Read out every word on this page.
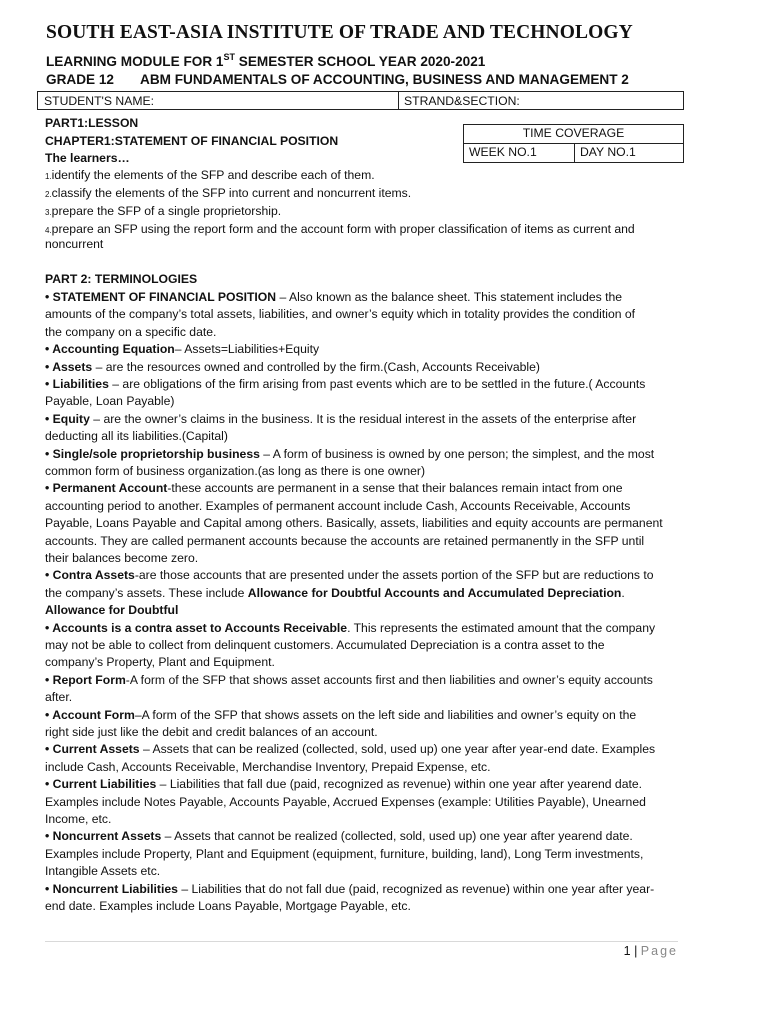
SOUTH EAST-ASIA INSTITUTE OF TRADE AND TECHNOLOGY
LEARNING MODULE FOR 1ST SEMESTER SCHOOL YEAR 2020-2021
GRADE 12 ABM FUNDAMENTALS OF ACCOUNTING, BUSINESS AND MANAGEMENT 2
STUDENT'S NAME:	STRAND&SECTION:
TIME COVERAGE
WEEK NO.1	DAY NO.1
PART1:LESSON
CHAPTER1:STATEMENT OF FINANCIAL POSITION
The learners…
1.identify the elements of the SFP and describe each of them.
2.classify the elements of the SFP into current and noncurrent items.
3.prepare the SFP of a single proprietorship.
4.prepare an SFP using the report form and the account form with proper classification of items as current and
noncurrent
PART 2: TERMINOLOGIES
• STATEMENT OF FINANCIAL POSITION – Also known as the balance sheet. This statement includes the
amounts of the company’s total assets, liabilities, and owner’s equity which in totality provides the condition of
the company on a specific date.
• Accounting Equation– Assets=Liabilities+Equity
• Assets – are the resources owned and controlled by the firm.(Cash, Accounts Receivable)
• Liabilities – are obligations of the firm arising from past events which are to be settled in the future.( Accounts
Payable, Loan Payable)
• Equity – are the owner’s claims in the business. It is the residual interest in the assets of the enterprise after
deducting all its liabilities.(Capital)
• Single/sole proprietorship business – A form of business is owned by one person; the simplest, and the most
common form of business organization.(as long as there is one owner)
• Permanent Account-these accounts are permanent in a sense that their balances remain intact from one
accounting period to another. Examples of permanent account include Cash, Accounts Receivable, Accounts
Payable, Loans Payable and Capital among others. Basically, assets, liabilities and equity accounts are permanent
accounts. They are called permanent accounts because the accounts are retained permanently in the SFP until
their balances become zero.
• Contra Assets-are those accounts that are presented under the assets portion of the SFP but are reductions to
the company’s assets. These include Allowance for Doubtful Accounts and Accumulated Depreciation.
Allowance for Doubtful
• Accounts is a contra asset to Accounts Receivable. This represents the estimated amount that the company
may not be able to collect from delinquent customers. Accumulated Depreciation is a contra asset to the
company’s Property, Plant and Equipment.
• Report Form-A form of the SFP that shows asset accounts first and then liabilities and owner’s equity accounts
after.
• Account Form–A form of the SFP that shows assets on the left side and liabilities and owner’s equity on the
right side just like the debit and credit balances of an account.
• Current Assets – Assets that can be realized (collected, sold, used up) one year after year-end date. Examples
include Cash, Accounts Receivable, Merchandise Inventory, Prepaid Expense, etc.
• Current Liabilities – Liabilities that fall due (paid, recognized as revenue) within one year after yearend date.
Examples include Notes Payable, Accounts Payable, Accrued Expenses (example: Utilities Payable), Unearned
Income, etc.
• Noncurrent Assets – Assets that cannot be realized (collected, sold, used up) one year after yearend date.
Examples include Property, Plant and Equipment (equipment, furniture, building, land), Long Term investments,
Intangible Assets etc.
• Noncurrent Liabilities – Liabilities that do not fall due (paid, recognized as revenue) within one year after year-
end date. Examples include Loans Payable, Mortgage Payable, etc.
1 | Page
